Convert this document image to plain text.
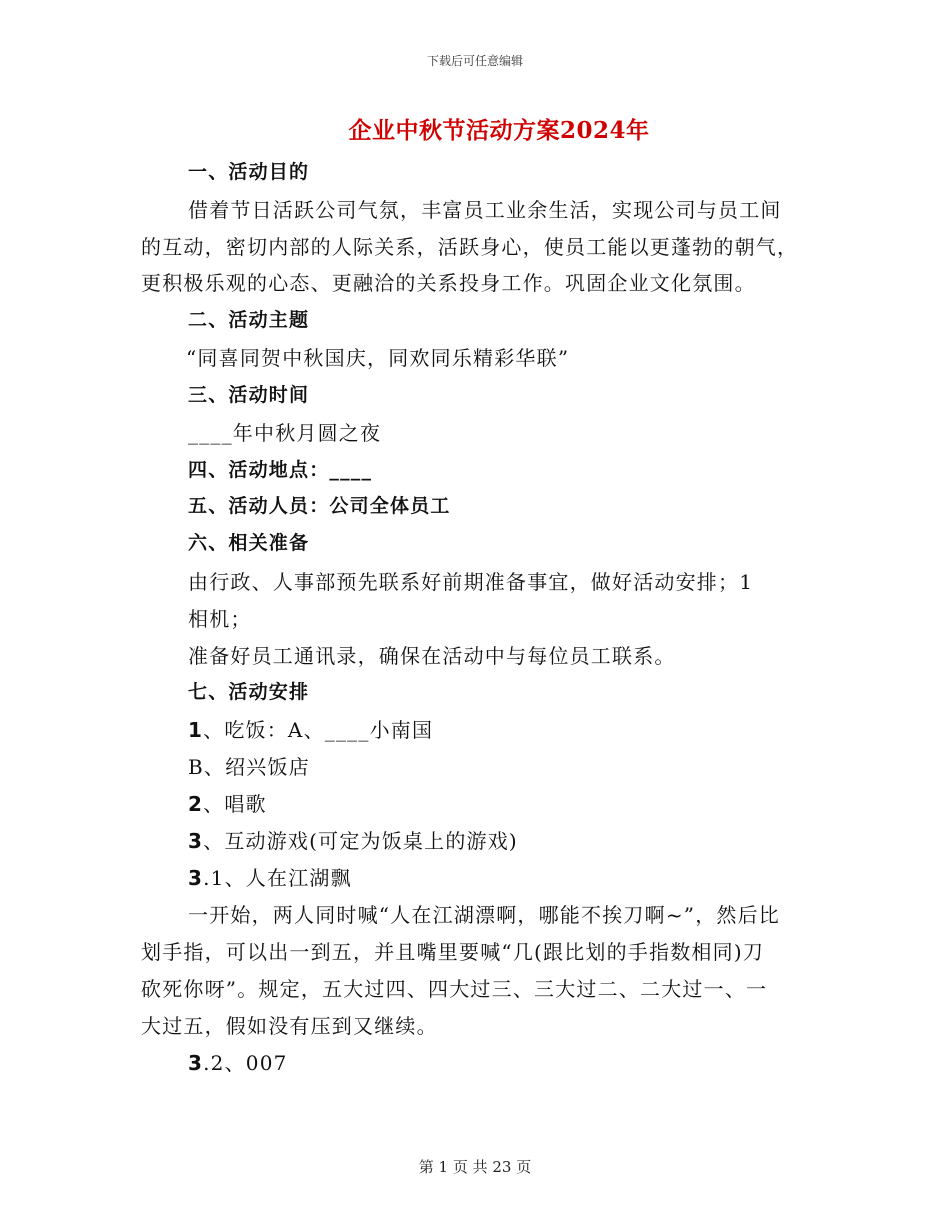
下载后可任意编辑
企业中秋节活动方案2024年
一、活动目的
借着节日活跃公司气氛，丰富员工业余生活，实现公司与员工间
的互动，密切内部的人际关系，活跃身心，使员工能以更蓬勃的朝气，
更积极乐观的心态、更融洽的关系投身工作。巩固企业文化氛围。
二、活动主题
“同喜同贺中秋国庆，同欢同乐精彩华联”
三、活动时间
____年中秋月圆之夜
四、活动地点：____
五、活动人员：公司全体员工
六、相关准备
由行政、人事部预先联系好前期准备事宜，做好活动安排；1
相机；
准备好员工通讯录，确保在活动中与每位员工联系。
七、活动安排
1、吃饭：A、____小南国
B、绍兴饭店
2、唱歌
3、互动游戏(可定为饭桌上的游戏)
3.1、人在江湖飘
一开始，两人同时喊“人在江湖漂啊，哪能不挨刀啊~”，然后比
划手指，可以出一到五，并且嘴里要喊“几(跟比划的手指数相同)刀
砍死你呀”。规定，五大过四、四大过三、三大过二、二大过一、一
大过五，假如没有压到又继续。
3.2、007
第 1 页 共 23 页
